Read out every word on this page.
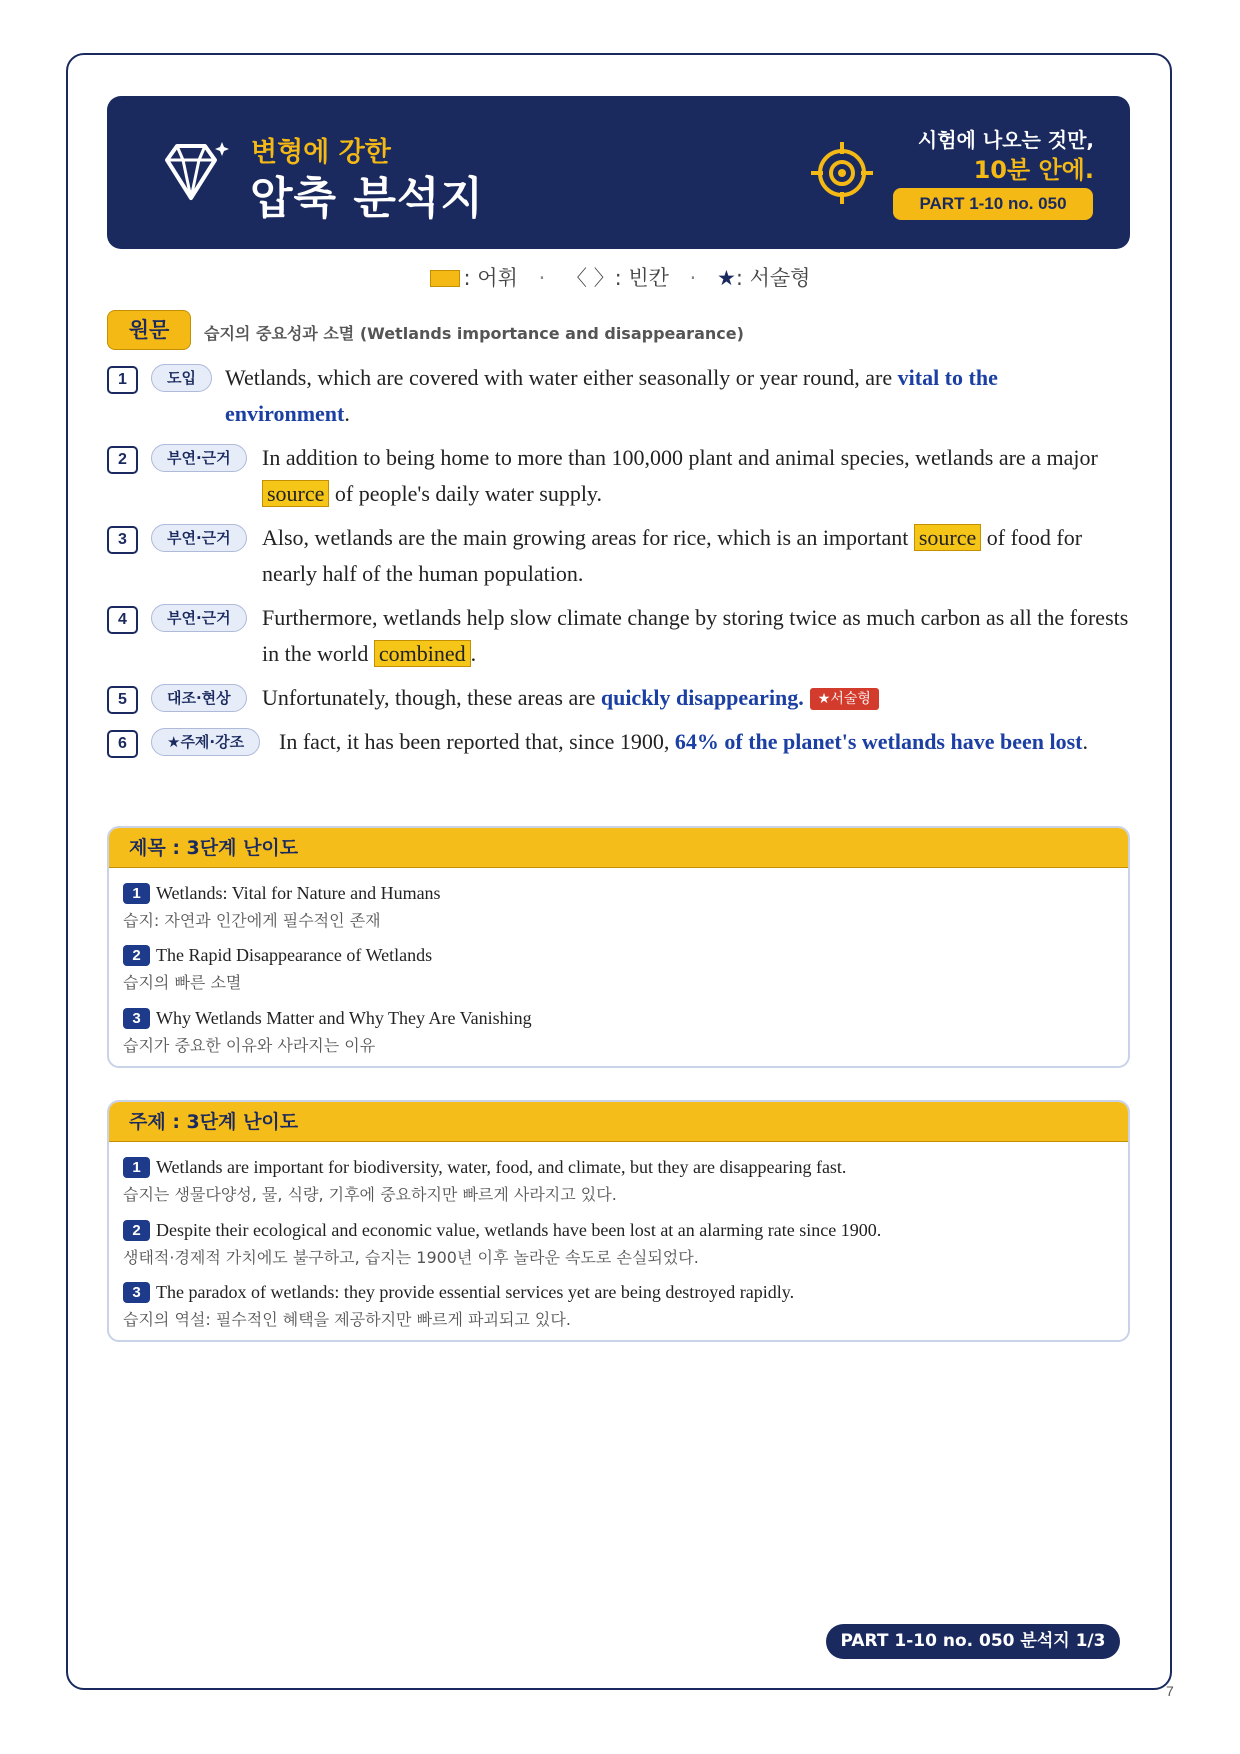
변형에 강한
압축 분석지
시험에 나오는 것만,
10분 안에.
PART 1-10 no. 050
: 어휘 · 〈 〉: 빈칸 · ★: 서술형
원문	습지의 중요성과 소멸 (Wetlands importance and disappearance)
1	도입	Wetlands, which are covered with water either seasonally or year round, are vital to the environment.
2	부연·근거	In addition to being home to more than 100,000 plant and animal species, wetlands are a major source of people's daily water supply.
3	부연·근거	Also, wetlands are the main growing areas for rice, which is an important source of food for nearly half of the human population.
4	부연·근거	Furthermore, wetlands help slow climate change by storing twice as much carbon as all the forests in the world combined .
5	대조·현상	Unfortunately, though, these areas are quickly disappearing. ★서술형
6	★주제·강조	In fact, it has been reported that, since 1900, 64% of the planet's wetlands have been lost.
제목 : 3단계 난이도
1 Wetlands: Vital for Nature and Humans
습지: 자연과 인간에게 필수적인 존재
2 The Rapid Disappearance of Wetlands
습지의 빠른 소멸
3 Why Wetlands Matter and Why They Are Vanishing
습지가 중요한 이유와 사라지는 이유
주제 : 3단계 난이도
1 Wetlands are important for biodiversity, water, food, and climate, but they are disappearing fast.
습지는 생물다양성, 물, 식량, 기후에 중요하지만 빠르게 사라지고 있다.
2 Despite their ecological and economic value, wetlands have been lost at an alarming rate since 1900.
생태적·경제적 가치에도 불구하고, 습지는 1900년 이후 놀라운 속도로 손실되었다.
3 The paradox of wetlands: they provide essential services yet are being destroyed rapidly.
습지의 역설: 필수적인 혜택을 제공하지만 빠르게 파괴되고 있다.
PART 1-10 no. 050 분석지 1/3
7
